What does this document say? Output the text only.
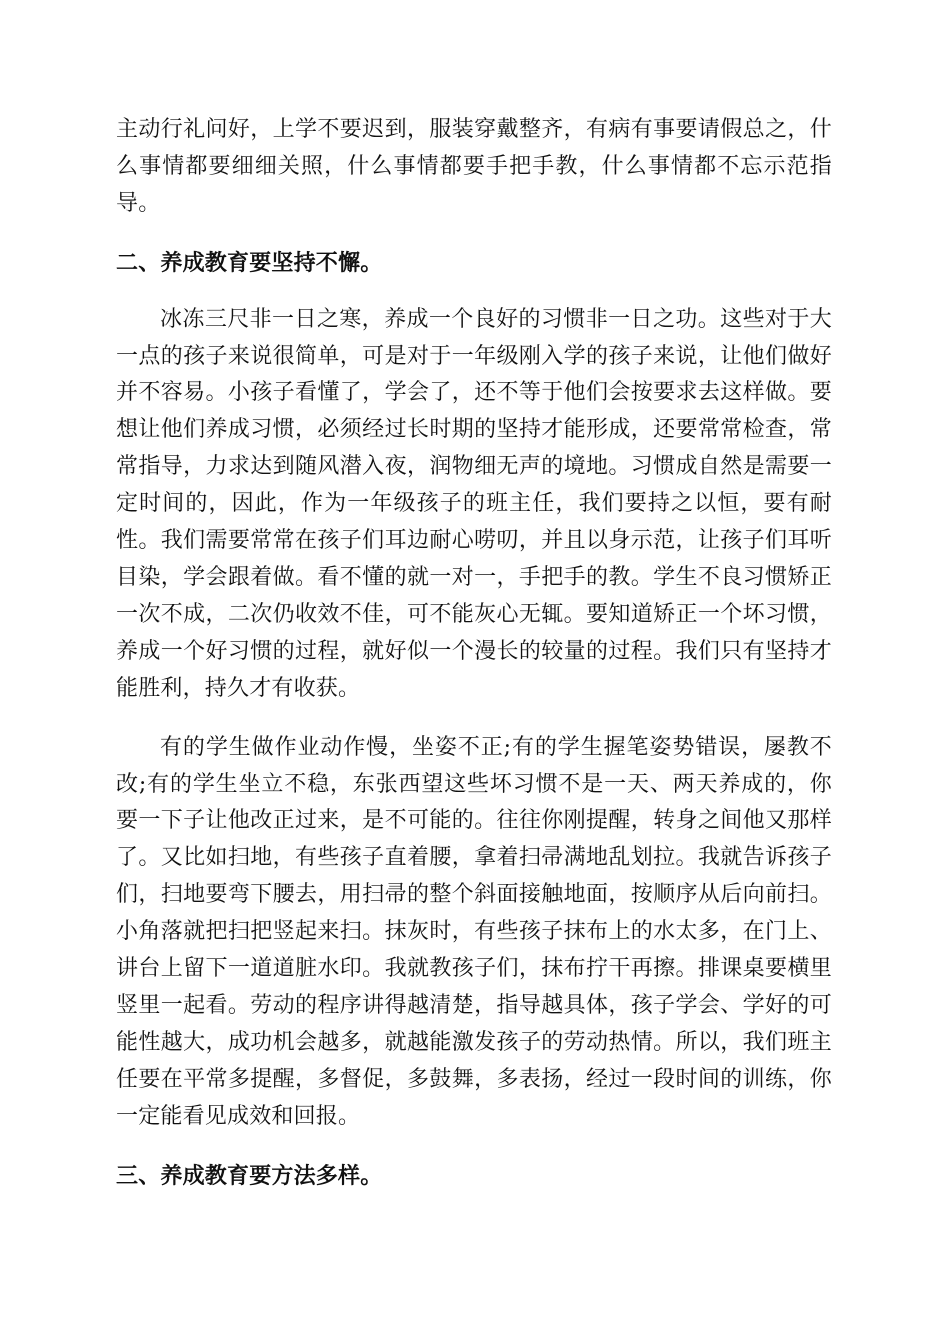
主动行礼问好，上学不要迟到，服装穿戴整齐，有病有事要请假总之，什么事情都要细细关照，什么事情都要手把手教，什么事情都不忘示范指导。

二、养成教育要坚持不懈。

冰冻三尺非一日之寒，养成一个良好的习惯非一日之功。这些对于大一点的孩子来说很简单，可是对于一年级刚入学的孩子来说，让他们做好并不容易。小孩子看懂了，学会了，还不等于他们会按要求去这样做。要想让他们养成习惯，必须经过长时期的坚持才能形成，还要常常检查，常常指导，力求达到随风潜入夜，润物细无声的境地。习惯成自然是需要一定时间的，因此，作为一年级孩子的班主任，我们要持之以恒，要有耐性。我们需要常常在孩子们耳边耐心唠叨，并且以身示范，让孩子们耳听目染，学会跟着做。看不懂的就一对一，手把手的教。学生不良习惯矫正一次不成，二次仍收效不佳，可不能灰心无辄。要知道矫正一个坏习惯，养成一个好习惯的过程，就好似一个漫长的较量的过程。我们只有坚持才能胜利，持久才有收获。

有的学生做作业动作慢，坐姿不正;有的学生握笔姿势错误，屡教不改;有的学生坐立不稳，东张西望这些坏习惯不是一天、两天养成的，你要一下子让他改正过来，是不可能的。往往你刚提醒，转身之间他又那样了。又比如扫地，有些孩子直着腰，拿着扫帚满地乱划拉。我就告诉孩子们，扫地要弯下腰去，用扫帚的整个斜面接触地面，按顺序从后向前扫。小角落就把扫把竖起来扫。抹灰时，有些孩子抹布上的水太多，在门上、讲台上留下一道道脏水印。我就教孩子们，抹布拧干再擦。排课桌要横里竖里一起看。劳动的程序讲得越清楚，指导越具体，孩子学会、学好的可能性越大，成功机会越多，就越能激发孩子的劳动热情。所以，我们班主任要在平常多提醒，多督促，多鼓舞，多表扬，经过一段时间的训练，你一定能看见成效和回报。

三、养成教育要方法多样。
